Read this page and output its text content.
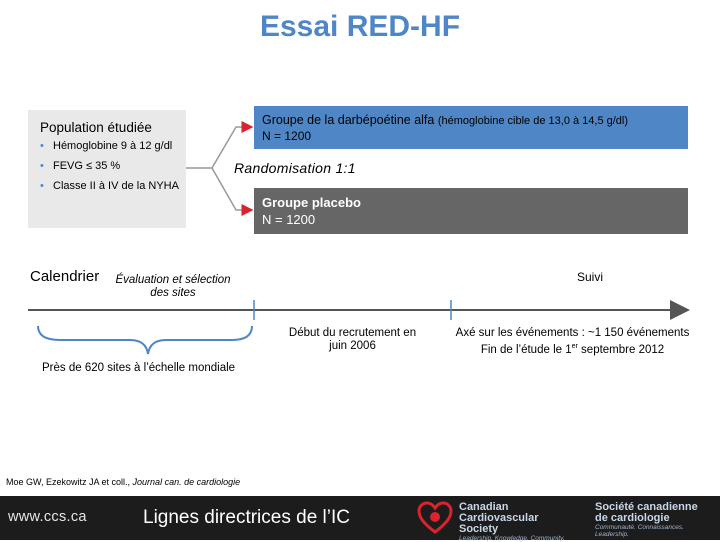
Essai RED-HF
Population étudiée
• Hémoglobine 9 à 12 g/dl
• FEVG ≤ 35 %
• Classe II à IV de la NYHA
Groupe de la darbépoétine alfa (hémoglobine cible de 13,0 à 14,5 g/dl)
N = 1200
Randomisation 1:1
Groupe placebo
N = 1200
Calendrier	Évaluation et sélection des sites
Suivi
Début du recrutement en juin 2006
Axé sur les événements : ~1 150 événements
Fin de l’étude le 1er septembre 2012
Près de 620 sites à l’échelle mondiale
Moe GW, Ezekowitz JA et coll., Journal can. de cardiologie
www.ccs.ca	Lignes directrices de l’IC	Canadian Cardiovascular
Society
Leadership. Knowledge. Community.
Société canadienne
de cardiologie
Communauté. Connaissances. Leadership.
